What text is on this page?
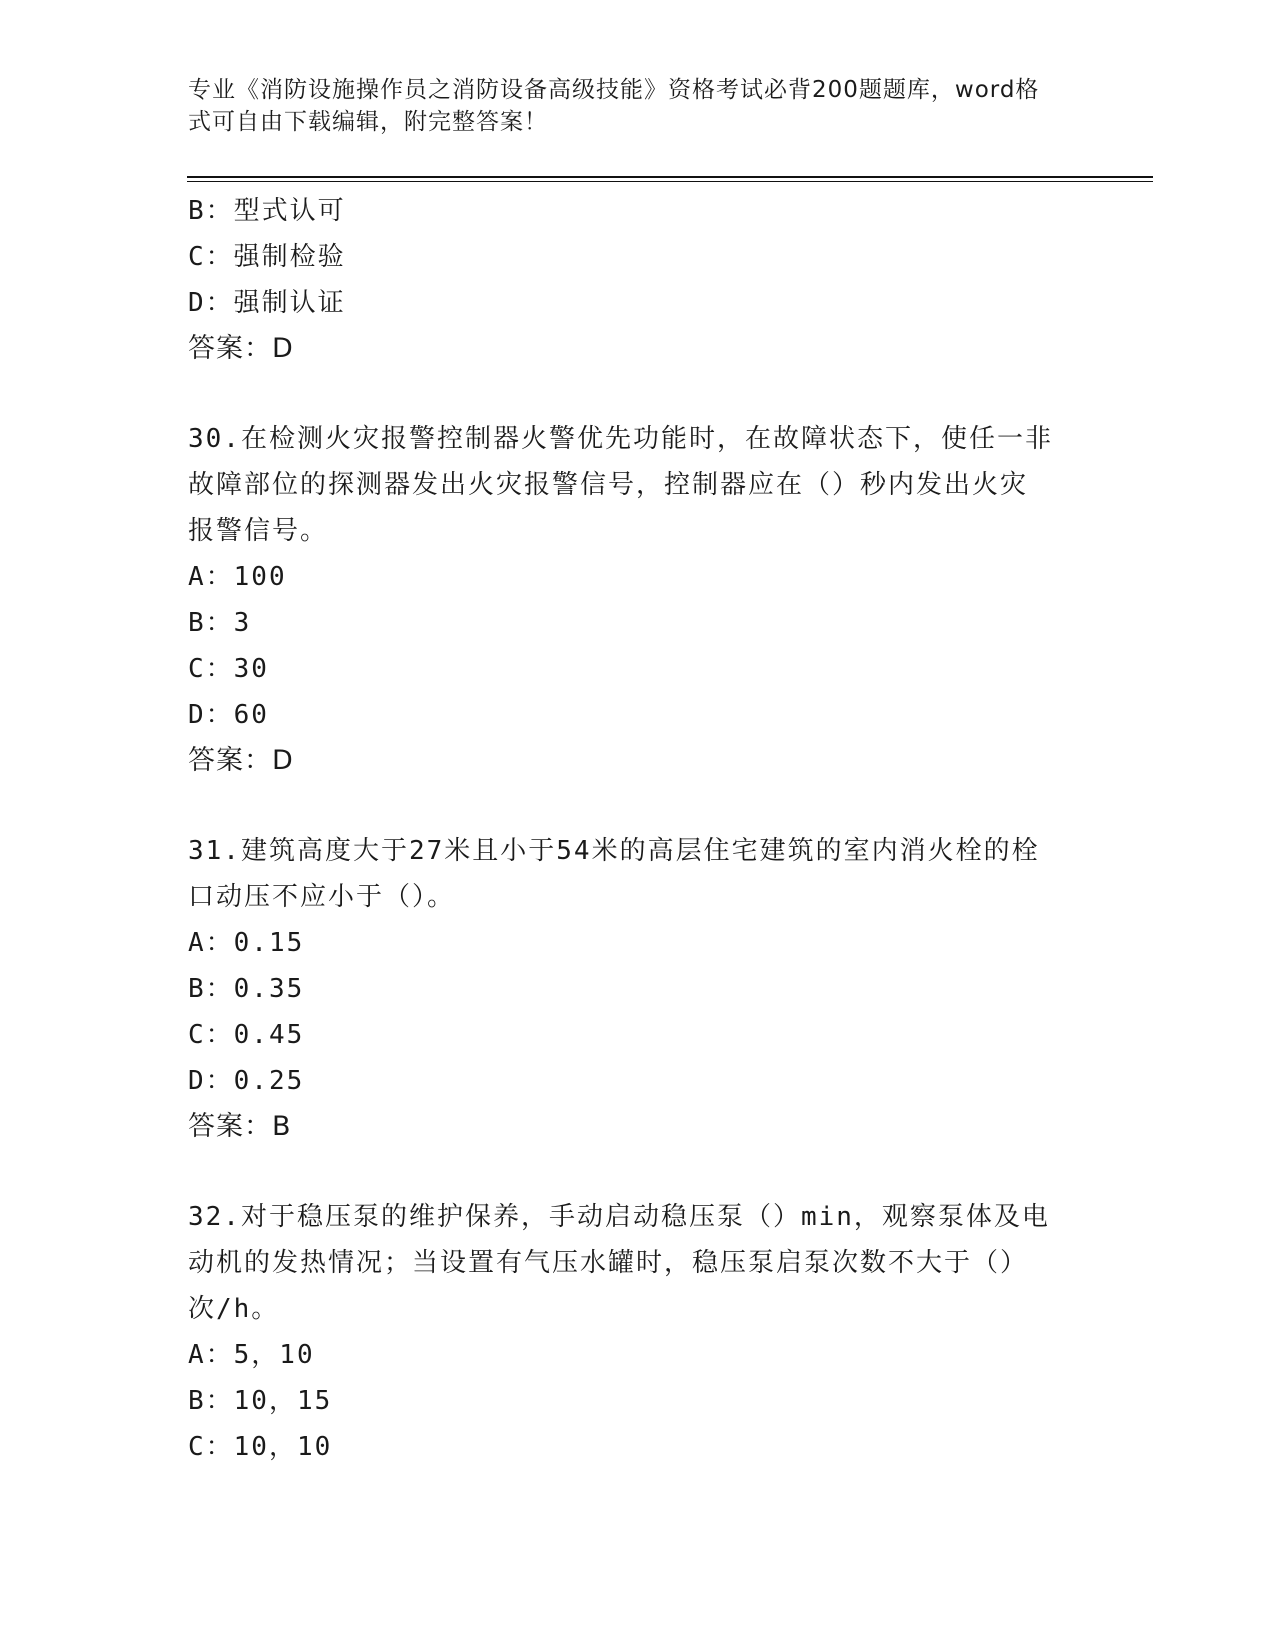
专业《消防设施操作员之消防设备高级技能》资格考试必背200题题库，word格
式可自由下载编辑，附完整答案！
B：型式认可
C：强制检验
D：强制认证
答案：D
30.在检测火灾报警控制器火警优先功能时，在故障状态下，使任一非
故障部位的探测器发出火灾报警信号，控制器应在（）秒内发出火灾
报警信号。
A：100
B：3
C：30
D：60
答案：D
31.建筑高度大于27米且小于54米的高层住宅建筑的室内消火栓的栓
口动压不应小于（）。
A：0.15
B：0.35
C：0.45
D：0.25
答案：B
32.对于稳压泵的维护保养，手动启动稳压泵（）min，观察泵体及电
动机的发热情况；当设置有气压水罐时，稳压泵启泵次数不大于（）
次/h。
A：5，10
B：10，15
C：10，10
